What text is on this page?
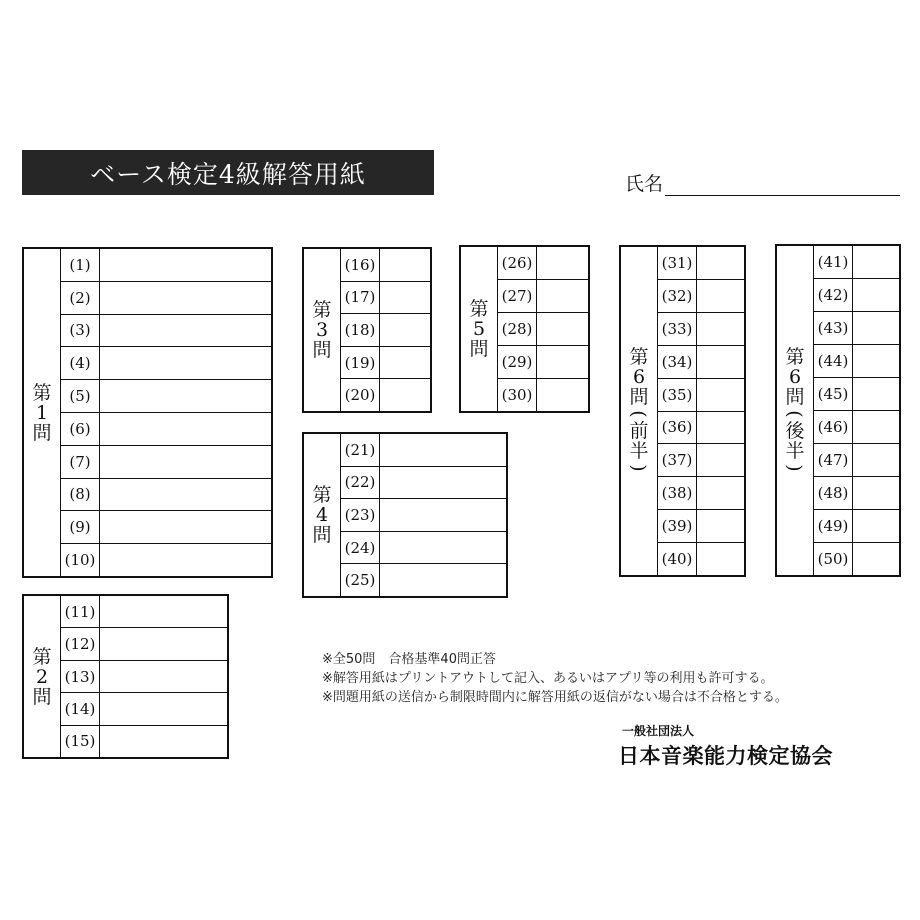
ベース検定4級解答用紙	氏名
第
1
問
(1)
(2)
(3)
(4)
(5)
(6)
(7)
(8)
(9)
(10)
第
2
問
(11)
(12)
(13)
(14)
(15)
第
3
問
(16)
(17)
(18)
(19)
(20)
第
4
問
(21)
(22)
(23)
(24)
(25)
第
5
問
(26)
(27)
(28)
(29)
(30)
第
6
問
(
前
半
)
(31)
(32)
(33)
(34)
(35)
(36)
(37)
(38)
(39)
(40)
第
6
問
(
後
半
)
(41)
(42)
(43)
(44)
(45)
(46)
(47)
(48)
(49)
(50)
※全50問　合格基準40問正答
※解答用紙はプリントアウトして記入、あるいはアプリ等の利用も許可する。
※問題用紙の送信から制限時間内に解答用紙の返信がない場合は不合格とする。
一般社団法人
日本音楽能力検定協会
